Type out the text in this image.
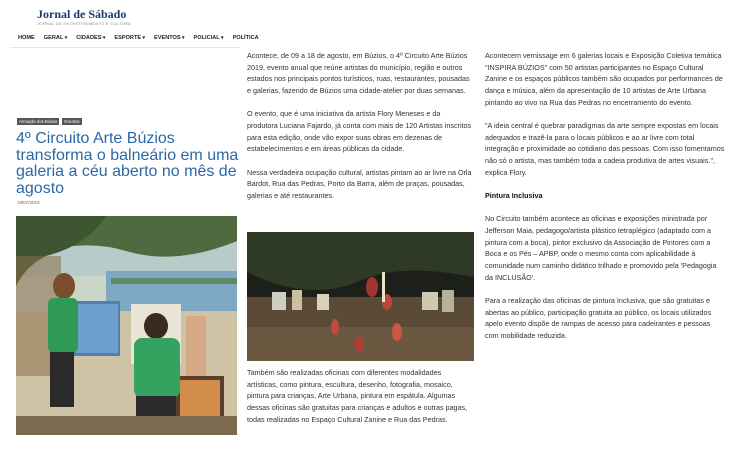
Jornal de Sábado
JORNAL DE ENTRETENIMENTO E CULTURA
HOME GERAL ▾	CIDADES ▾	ESPORTE ▾	EVENTOS ▾	POLICIAL ▾	POLÍTICA
Armação dos Búzios	Eventos
4º Circuito Arte Búzios transforma o balneário em uma galeria a céu aberto no mês de agosto
19/07/2019

Acontece, de 09 a 18 de agosto, em Búzios, o 4º Circuito Arte Búzios 2019, evento anual que reúne artistas do município, região e outros estados nos principais pontos turísticos, ruas, restaurantes, pousadas e galerias, fazendo de Búzios uma cidade-atelier por duas semanas.

O evento, que é uma iniciativa da artista Flory Meneses e da produtora Luciana Fajardo, já conta com mais de 120 Artistas inscritos para esta edição, onde vão expor suas obras em dezenas de estabelecimentos e em áreas públicas da cidade.

Nessa verdadeira ocupação cultural, artistas pintam ao ar livre na Orla Bardot, Rua das Pedras, Porto da Barra, além de praças, pousadas, galerias e até restaurantes.

Também são realizadas oficinas com diferentes modalidades artísticas, como pintura, escultura, desenho, fotografia, mosaico, pintura para crianças, Arte Urbana, pintura em espátula. Algumas dessas oficinas são gratuitas para crianças e adultos e outras pagas, todas realizadas no Espaço Cultural Zanine e Rua das Pedras.

Acontecem vernissage em 6 galerias locais e Exposição Coletiva temática "INSPIRA BÚZIOS" com 50 artistas participantes no Espaço Cultural Zanine e os espaços públicos também são ocupados por performances de dança e música, além da apresentação de 10 artistas de Arte Urbana pintando ao vivo na Rua das Pedras no encerramento do evento.

"A ideia central é quebrar paradigmas da arte sempre expostas em locais adequados e trazê-la para o locais públicos e ao ar livre com total integração e proximidade ao cotidiano das pessoas. Com isso fomentamos não só o artista, mas também toda a cadeia produtiva de artes visuais.", explica Flory.

Pintura Inclusiva

No Circuito também acontece as oficinas e exposições ministrada por Jefferson Maia, pedagogo/artista plástico tetraplégico (adaptado com a pintura com a boca), pintor exclusivo da Associação de Pintores com a Boca e os Pés – APBP, onde o mesmo conta com aplicabilidade à comunidade num caminho didático trilhado e promovido pela 'Pedagogia da INCLUSÃO'.

Para a realização das oficinas de pintura Inclusiva, que são gratuitas e abertas ao público, participação gratuita ao público, os locais utilizados apelo evento dispõe de rampas de acesso para cadeirantes e pessoas com mobilidade reduzida.
